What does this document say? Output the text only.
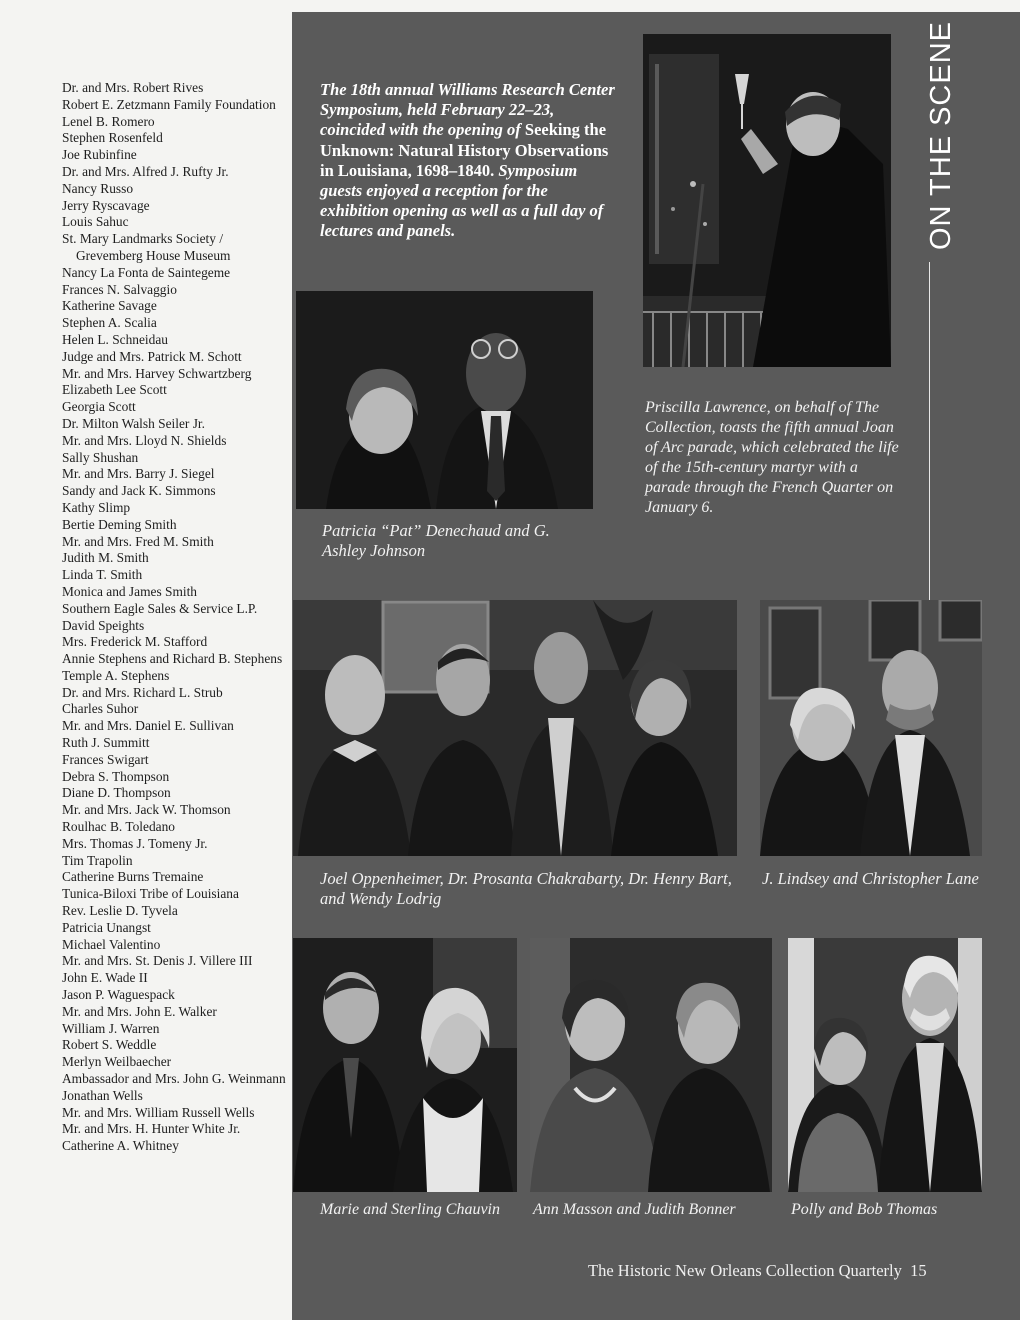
Dr. and Mrs. Robert Rives
Robert E. Zetzmann Family Foundation
Lenel B. Romero
Stephen Rosenfeld
Joe Rubinfine
Dr. and Mrs. Alfred J. Rufty Jr.
Nancy Russo
Jerry Ryscavage
Louis Sahuc
St. Mary Landmarks Society / Grevemberg House Museum
Nancy La Fonta de Saintegeme
Frances N. Salvaggio
Katherine Savage
Stephen A. Scalia
Helen L. Schneidau
Judge and Mrs. Patrick M. Schott
Mr. and Mrs. Harvey Schwartzberg
Elizabeth Lee Scott
Georgia Scott
Dr. Milton Walsh Seiler Jr.
Mr. and Mrs. Lloyd N. Shields
Sally Shushan
Mr. and Mrs. Barry J. Siegel
Sandy and Jack K. Simmons
Kathy Slimp
Bertie Deming Smith
Mr. and Mrs. Fred M. Smith
Judith M. Smith
Linda T. Smith
Monica and James Smith
Southern Eagle Sales & Service L.P.
David Speights
Mrs. Frederick M. Stafford
Annie Stephens and Richard B. Stephens
Temple A. Stephens
Dr. and Mrs. Richard L. Strub
Charles Suhor
Mr. and Mrs. Daniel E. Sullivan
Ruth J. Summitt
Frances Swigart
Debra S. Thompson
Diane D. Thompson
Mr. and Mrs. Jack W. Thomson
Roulhac B. Toledano
Mrs. Thomas J. Tomeny Jr.
Tim Trapolin
Catherine Burns Tremaine
Tunica-Biloxi Tribe of Louisiana
Rev. Leslie D. Tyvela
Patricia Unangst
Michael Valentino
Mr. and Mrs. St. Denis J. Villere III
John E. Wade II
Jason P. Waguespack
Mr. and Mrs. John E. Walker
William J. Warren
Robert S. Weddle
Merlyn Weilbaecher
Ambassador and Mrs. John G. Weinmann
Jonathan Wells
Mr. and Mrs. William Russell Wells
Mr. and Mrs. H. Hunter White Jr.
Catherine A. Whitney
The 18th annual Williams Research Center Symposium, held February 22–23, coincided with the opening of Seeking the Unknown: Natural History Observations in Louisiana, 1698–1840. Symposium guests enjoyed a reception for the exhibition opening as well as a full day of lectures and panels.
Priscilla Lawrence, on behalf of The Collection, toasts the fifth annual Joan of Arc parade, which celebrated the life of the 15th-century martyr with a parade through the French Quarter on January 6.
Patricia “Pat” Denechaud and G. Ashley Johnson
Joel Oppenheimer, Dr. Prosanta Chakrabarty, Dr. Henry Bart, and Wendy Lodrig
J. Lindsey and Christopher Lane
Marie and Sterling Chauvin Ann Masson and Judith Bonner	Polly and Bob Thomas
ON THE SCENE
The Historic New Orleans Collection Quarterly 15
